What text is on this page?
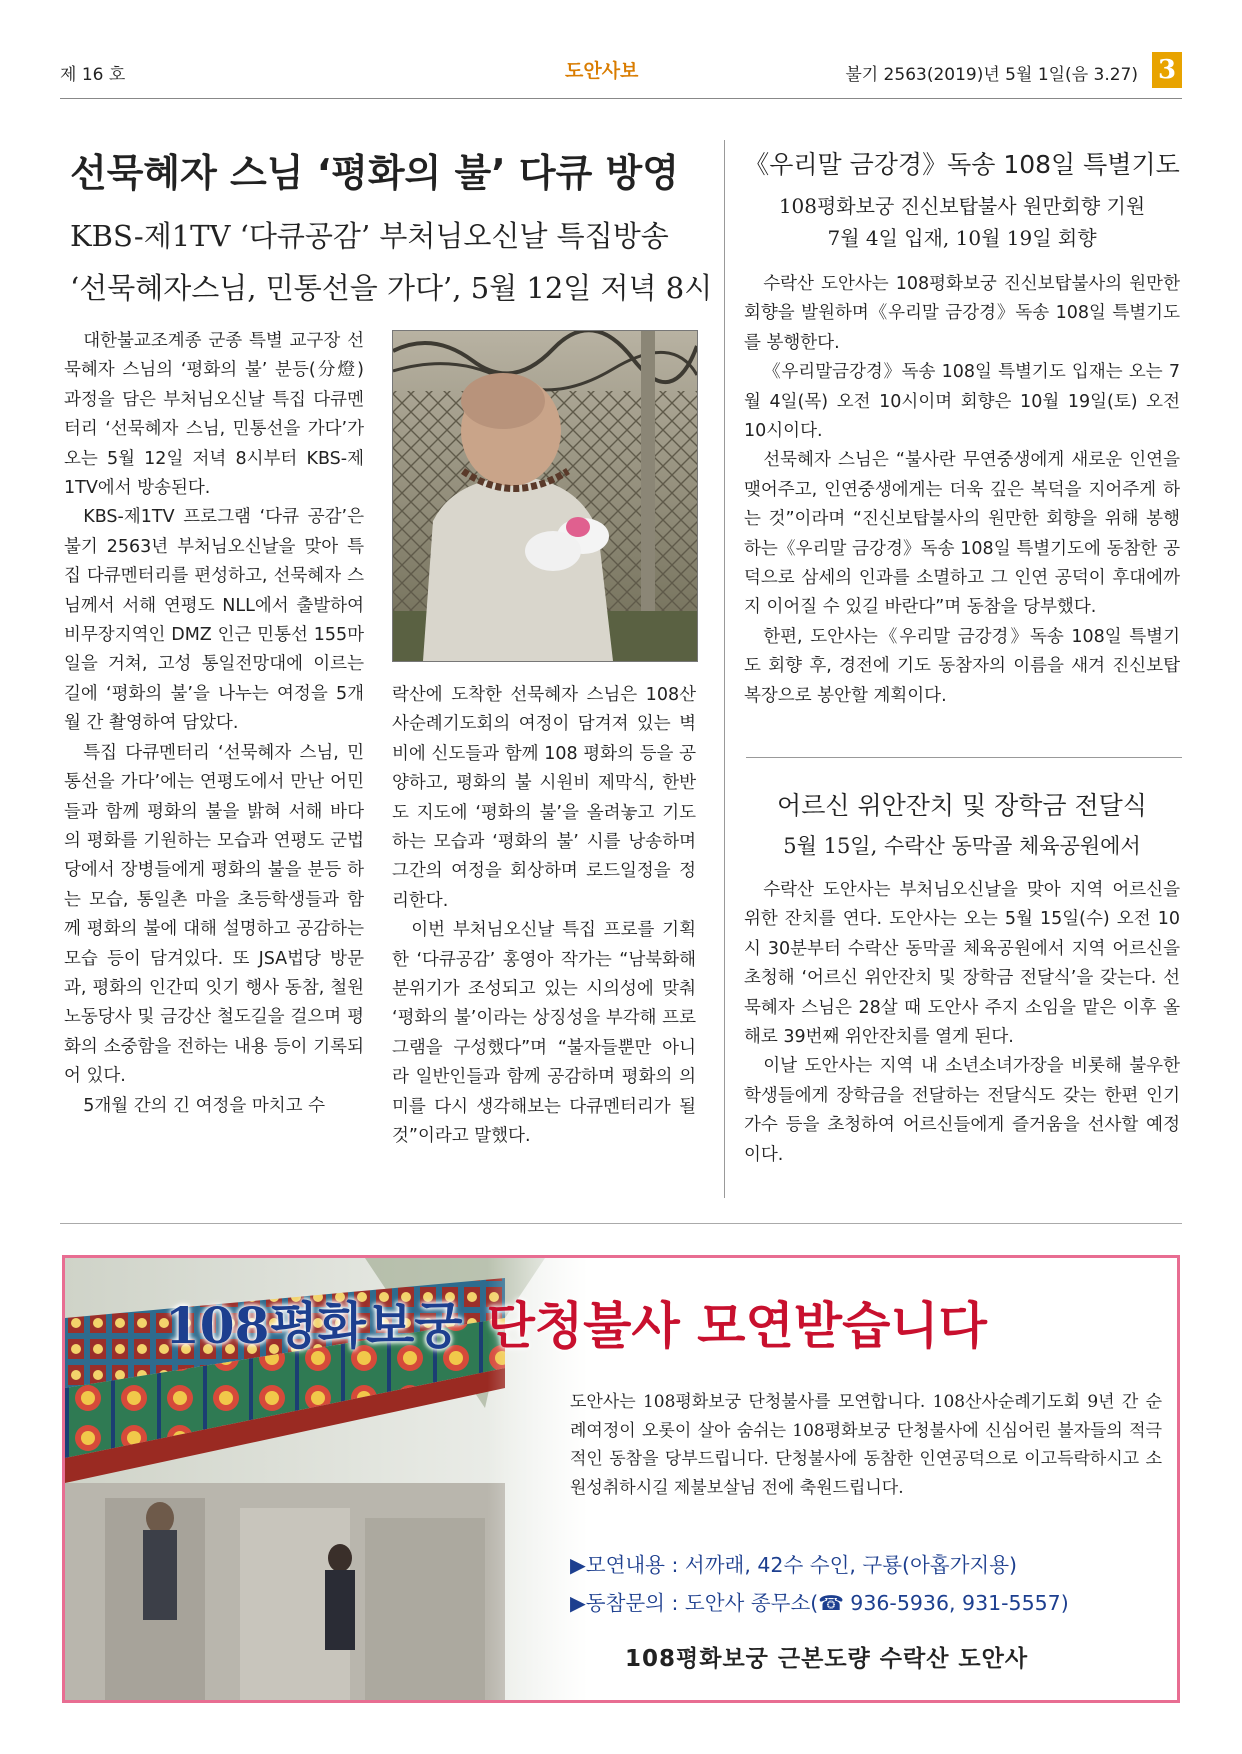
제 16 호	도안사보	불기 2563(2019)년 5월 1일(음 3.27) 3
선묵혜자 스님 ‘평화의 불’ 다큐 방영
KBS-제1TV ‘다큐공감’ 부처님오신날 특집방송
‘선묵혜자스님, 민통선을 가다’, 5월 12일 저녁 8시

대한불교조계종 군종 특별 교구장 선묵혜자 스님의 ‘평화의 불’ 분등(分燈) 과정을 담은 부처님오신날 특집 다큐멘터리 ‘선묵혜자 스님, 민통선을 가다’가 오는 5월 12일 저녁 8시부터 KBS-제1TV에서 방송된다.

KBS-제1TV 프로그램 ‘다큐 공감’은 불기 2563년 부처님오신날을 맞아 특집 다큐멘터리를 편성하고, 선묵혜자 스님께서 서해 연평도 NLL에서 출발하여 비무장지역인 DMZ 인근 민통선 155마일을 거쳐, 고성 통일전망대에 이르는 길에 ‘평화의 불’을 나누는 여정을 5개월 간 촬영하여 담았다.

특집 다큐멘터리 ‘선묵혜자 스님, 민통선을 가다’에는 연평도에서 만난 어민들과 함께 평화의 불을 밝혀 서해 바다의 평화를 기원하는 모습과 연평도 군법당에서 장병들에게 평화의 불을 분등 하는 모습, 통일촌 마을 초등학생들과 함께 평화의 불에 대해 설명하고 공감하는 모습 등이 담겨있다. 또 JSA법당 방문과, 평화의 인간띠 잇기 행사 동참, 철원 노동당사 및 금강산 철도길을 걸으며 평화의 소중함을 전하는 내용 등이 기록되어 있다.

5개월 간의 긴 여정을 마치고 수

락산에 도착한 선묵혜자 스님은 108산사순례기도회의 여정이 담겨져 있는 벽 비에 신도들과 함께 108 평화의 등을 공양하고, 평화의 불 시원비 제막식, 한반도 지도에 ‘평화의 불’을 올려놓고 기도하는 모습과 ‘평화의 불’ 시를 낭송하며 그간의 여정을 회상하며 로드일정을 정리한다.

이번 부처님오신날 특집 프로를 기획한 ‘다큐공감’ 홍영아 작가는 “남북화해 분위기가 조성되고 있는 시의성에 맞춰 ‘평화의 불’이라는 상징성을 부각해 프로그램을 구성했다”며 “불자들뿐만 아니라 일반인들과 함께 공감하며 평화의 의미를 다시 생각해보는 다큐멘터리가 될 것”이라고 말했다.

《우리말 금강경》독송 108일 특별기도
108평화보궁 진신보탑불사 원만회향 기원
7월 4일 입재, 10월 19일 회향

수락산 도안사는 108평화보궁 진신보탑불사의 원만한 회향을 발원하며《우리말 금강경》독송 108일 특별기도를 봉행한다.

《우리말금강경》독송 108일 특별기도 입재는 오는 7월 4일(목) 오전 10시이며 회향은 10월 19일(토) 오전 10시이다.

선묵혜자 스님은 “불사란 무연중생에게 새로운 인연을 맺어주고, 인연중생에게는 더욱 깊은 복덕을 지어주게 하는 것”이라며 “진신보탑불사의 원만한 회향을 위해 봉행하는《우리말 금강경》독송 108일 특별기도에 동참한 공덕으로 삼세의 인과를 소멸하고 그 인연 공덕이 후대에까지 이어질 수 있길 바란다”며 동참을 당부했다.

한편, 도안사는《우리말 금강경》독송 108일 특별기도 회향 후, 경전에 기도 동참자의 이름을 새겨 진신보탑 복장으로 봉안할 계획이다.

어르신 위안잔치 및 장학금 전달식
5월 15일, 수락산 동막골 체육공원에서

수락산 도안사는 부처님오신날을 맞아 지역 어르신을 위한 잔치를 연다. 도안사는 오는 5월 15일(수) 오전 10시 30분부터 수락산 동막골 체육공원에서 지역 어르신을 초청해 ‘어르신 위안잔치 및 장학금 전달식’을 갖는다. 선묵혜자 스님은 28살 때 도안사 주지 소임을 맡은 이후 올해로 39번째 위안잔치를 열게 된다.

이날 도안사는 지역 내 소년소녀가장을 비롯해 불우한 학생들에게 장학금을 전달하는 전달식도 갖는 한편 인기가수 등을 초청하여 어르신들에게 즐거움을 선사할 예정이다.

108평화보궁 단청불사 모연받습니다
도안사는 108평화보궁 단청불사를 모연합니다. 108산사순례기도회 9년 간 순례여정이 오롯이 살아 숨쉬는 108평화보궁 단청불사에 신심어린 불자들의 적극적인 동참을 당부드립니다. 단청불사에 동참한 인연공덕으로 이고득락하시고 소원성취하시길 제불보살님 전에 축원드립니다.
▶모연내용 : 서까래, 42수 수인, 구룡(아홉가지용)
▶동참문의 : 도안사 종무소(☎ 936-5936, 931-5557)
108평화보궁 근본도량 수락산 도안사
